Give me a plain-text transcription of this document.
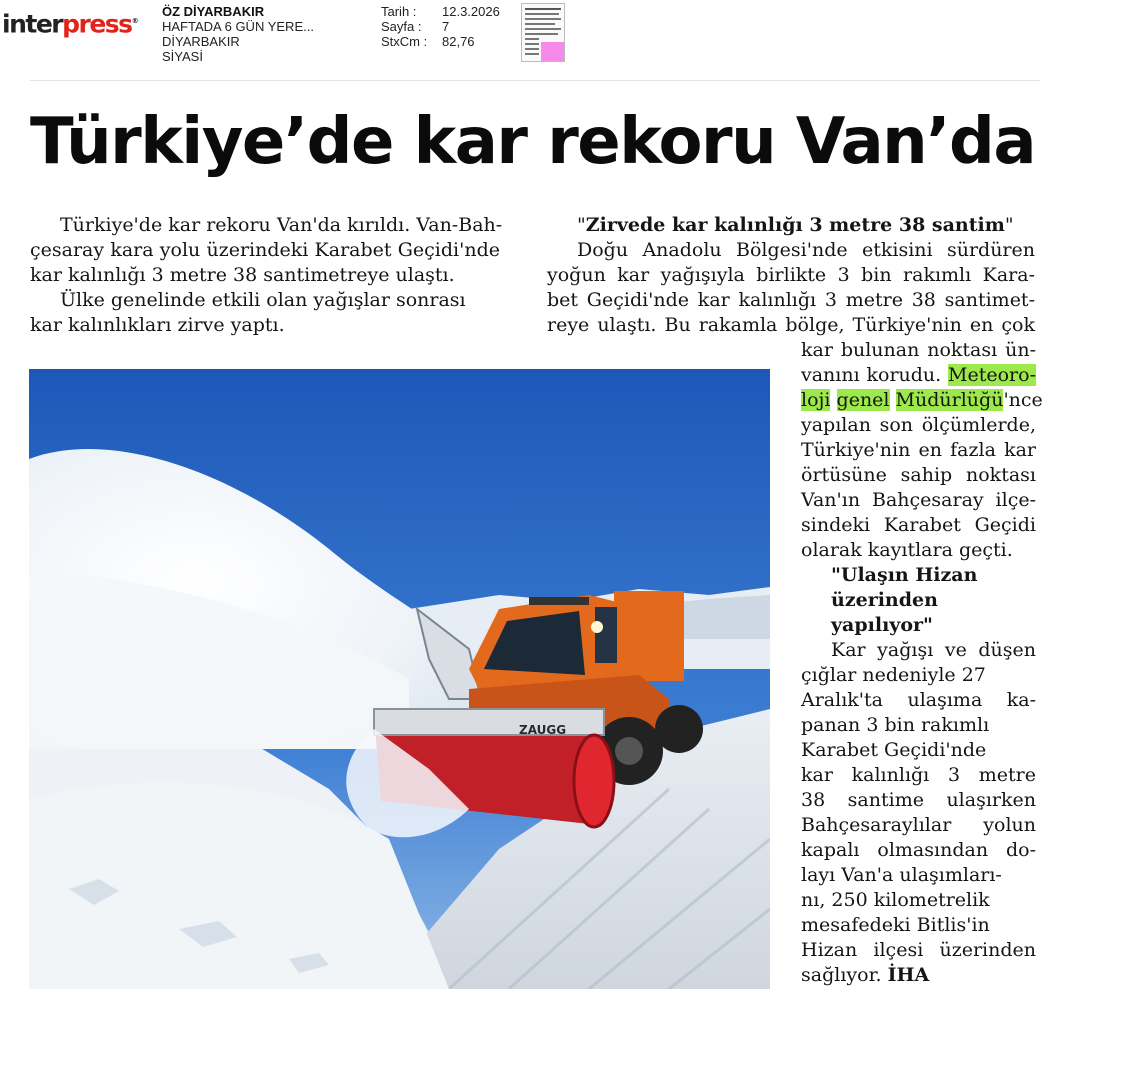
interpress®
ÖZ DİYARBAKIR
HAFTADA 6 GÜN YERE...
DİYARBAKIR
SİYASİ
Tarih :	12.3.2026
Sayfa :	7
StxCm :	82,76
Türkiye’de kar rekoru Van’da
Türkiye'de kar rekoru Van'da kırıldı. Van-Bah-
çesaray kara yolu üzerindeki Karabet Geçidi'nde
kar kalınlığı 3 metre 38 santimetreye ulaştı.
Ülke genelinde etkili olan yağışlar sonrası
kar kalınlıkları zirve yaptı.
"Zirvede kar kalınlığı 3 metre 38 santim"
Doğu Anadolu Bölgesi'nde etkisini sürdüren
yoğun kar yağışıyla birlikte 3 bin rakımlı Kara-
bet Geçidi'nde kar kalınlığı 3 metre 38 santimet-
reye ulaştı. Bu rakamla bölge, Türkiye'nin en çok
kar bulunan noktası ün-
vanını korudu. Meteoro-
loji genel Müdürlüğü'nce
yapılan son ölçümlerde,
Türkiye'nin en fazla kar
örtüsüne sahip noktası
Van'ın Bahçesaray ilçe-
sindeki Karabet Geçidi
olarak kayıtlara geçti.
"Ulaşın Hizan
üzerinden
yapılıyor"
Kar yağışı ve düşen
çığlar nedeniyle 27
Aralık'ta ulaşıma ka-
panan 3 bin rakımlı
Karabet Geçidi'nde
kar kalınlığı 3 metre
38 santime ulaşırken
Bahçesaraylılar yolun
kapalı olmasından do-
layı Van'a ulaşımları-
nı, 250 kilometrelik
mesafedeki Bitlis'in
Hizan ilçesi üzerinden
sağlıyor. İHA
ZAUGG
